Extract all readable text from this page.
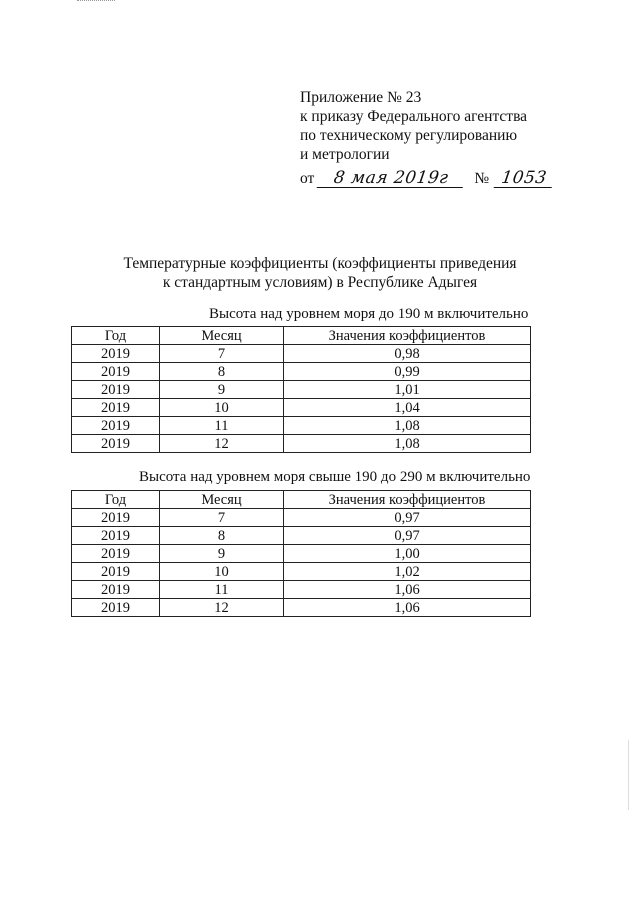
Приложение № 23
к приказу Федерального агентства
по техническому регулированию
и метрологии
от	8 мая 2019г	№ 1053
Температурные коэффициенты (коэффициенты приведения
к стандартным условиям) в Республике Адыгея
Высота над уровнем моря до 190 м включительно
Год	Месяц	Значения коэффициентов
2019	7	0,98
2019	8	0,99
2019	9	1,01
2019	10	1,04
2019	11	1,08
2019	12	1,08
Высота над уровнем моря свыше 190 до 290 м включительно
Год	Месяц	Значения коэффициентов
2019	7	0,97
2019	8	0,97
2019	9	1,00
2019	10	1,02
2019	11	1,06
2019	12	1,06
